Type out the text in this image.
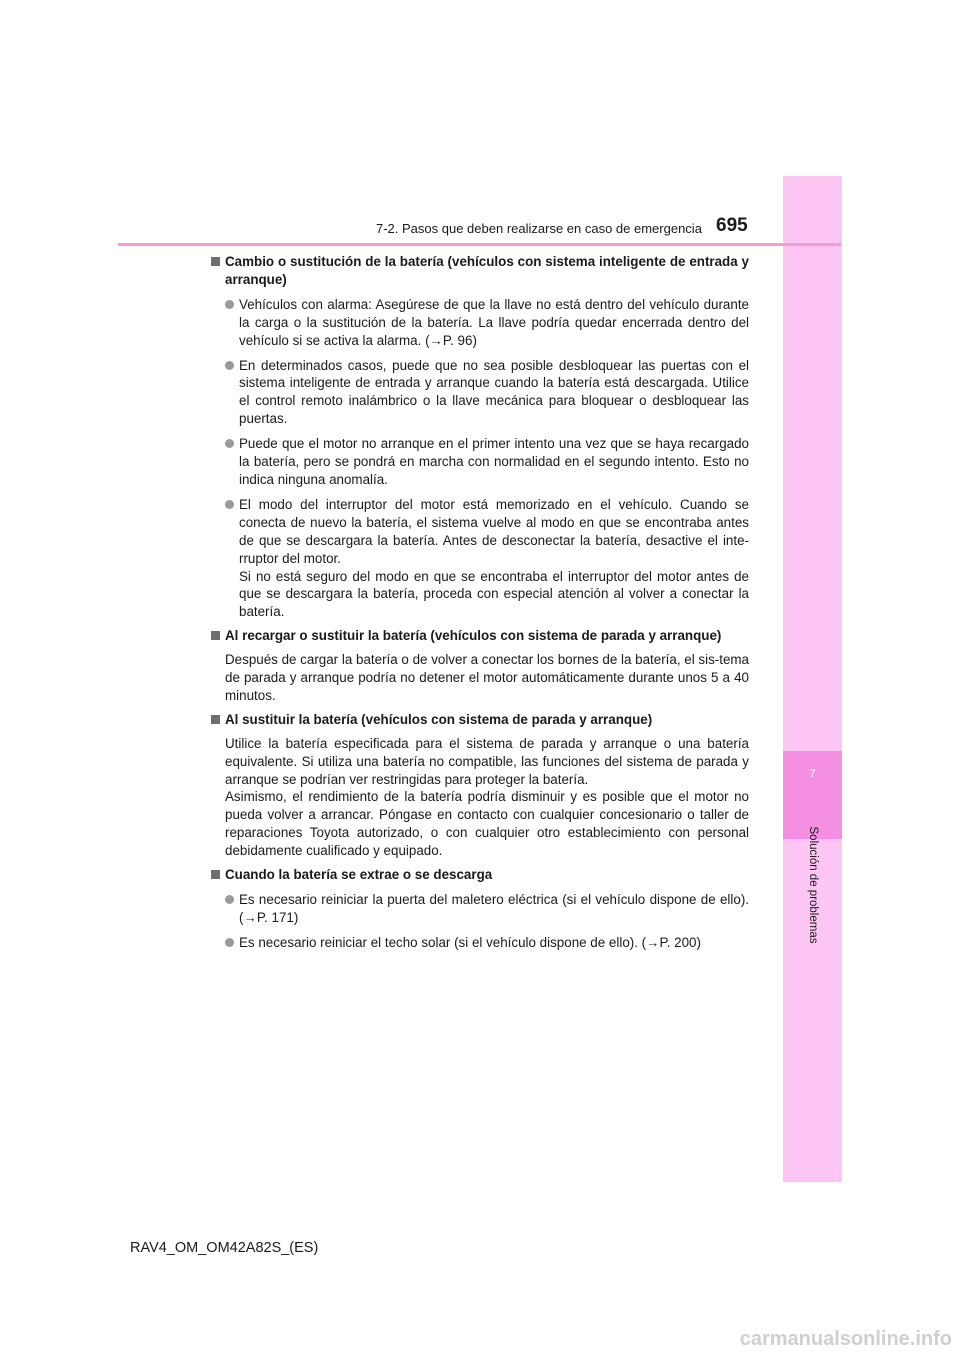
7
Solución de problemas
7-2. Pasos que deben realizarse en caso de emergencia 695
Cambio o sustitución de la batería (vehículos con sistema inteligente de entrada y arranque)
Vehículos con alarma: Asegúrese de que la llave no está dentro del vehículo durante la carga o la sustitución de la batería. La llave podría quedar encerrada dentro del vehículo si se activa la alarma. (→P. 96)
En determinados casos, puede que no sea posible desbloquear las puertas con el sistema inteligente de entrada y arranque cuando la batería está descargada. Utilice el control remoto inalámbrico o la llave mecánica para bloquear o desbloquear las puertas.
Puede que el motor no arranque en el primer intento una vez que se haya recargado la batería, pero se pondrá en marcha con normalidad en el segundo intento. Esto no indica ninguna anomalía.
El modo del interruptor del motor está memorizado en el vehículo. Cuando se conecta de nuevo la batería, el sistema vuelve al modo en que se encontraba antes de que se descargara la batería. Antes de desconectar la batería, desactive el inte-rruptor del motor.
Si no está seguro del modo en que se encontraba el interruptor del motor antes de que se descargara la batería, proceda con especial atención al volver a conectar la batería.
Al recargar o sustituir la batería (vehículos con sistema de parada y arranque)
Después de cargar la batería o de volver a conectar los bornes de la batería, el sis-tema de parada y arranque podría no detener el motor automáticamente durante unos 5 a 40 minutos.
Al sustituir la batería (vehículos con sistema de parada y arranque)
Utilice la batería especificada para el sistema de parada y arranque o una batería equivalente. Si utiliza una batería no compatible, las funciones del sistema de parada y arranque se podrían ver restringidas para proteger la batería.
Asimismo, el rendimiento de la batería podría disminuir y es posible que el motor no pueda volver a arrancar. Póngase en contacto con cualquier concesionario o taller de reparaciones Toyota autorizado, o con cualquier otro establecimiento con personal debidamente cualificado y equipado.
Cuando la batería se extrae o se descarga
Es necesario reiniciar la puerta del maletero eléctrica (si el vehículo dispone de ello). (→P. 171)
Es necesario reiniciar el techo solar (si el vehículo dispone de ello). (→P. 200)
RAV4_OM_OM42A82S_(ES)
carmanualsonline.info
